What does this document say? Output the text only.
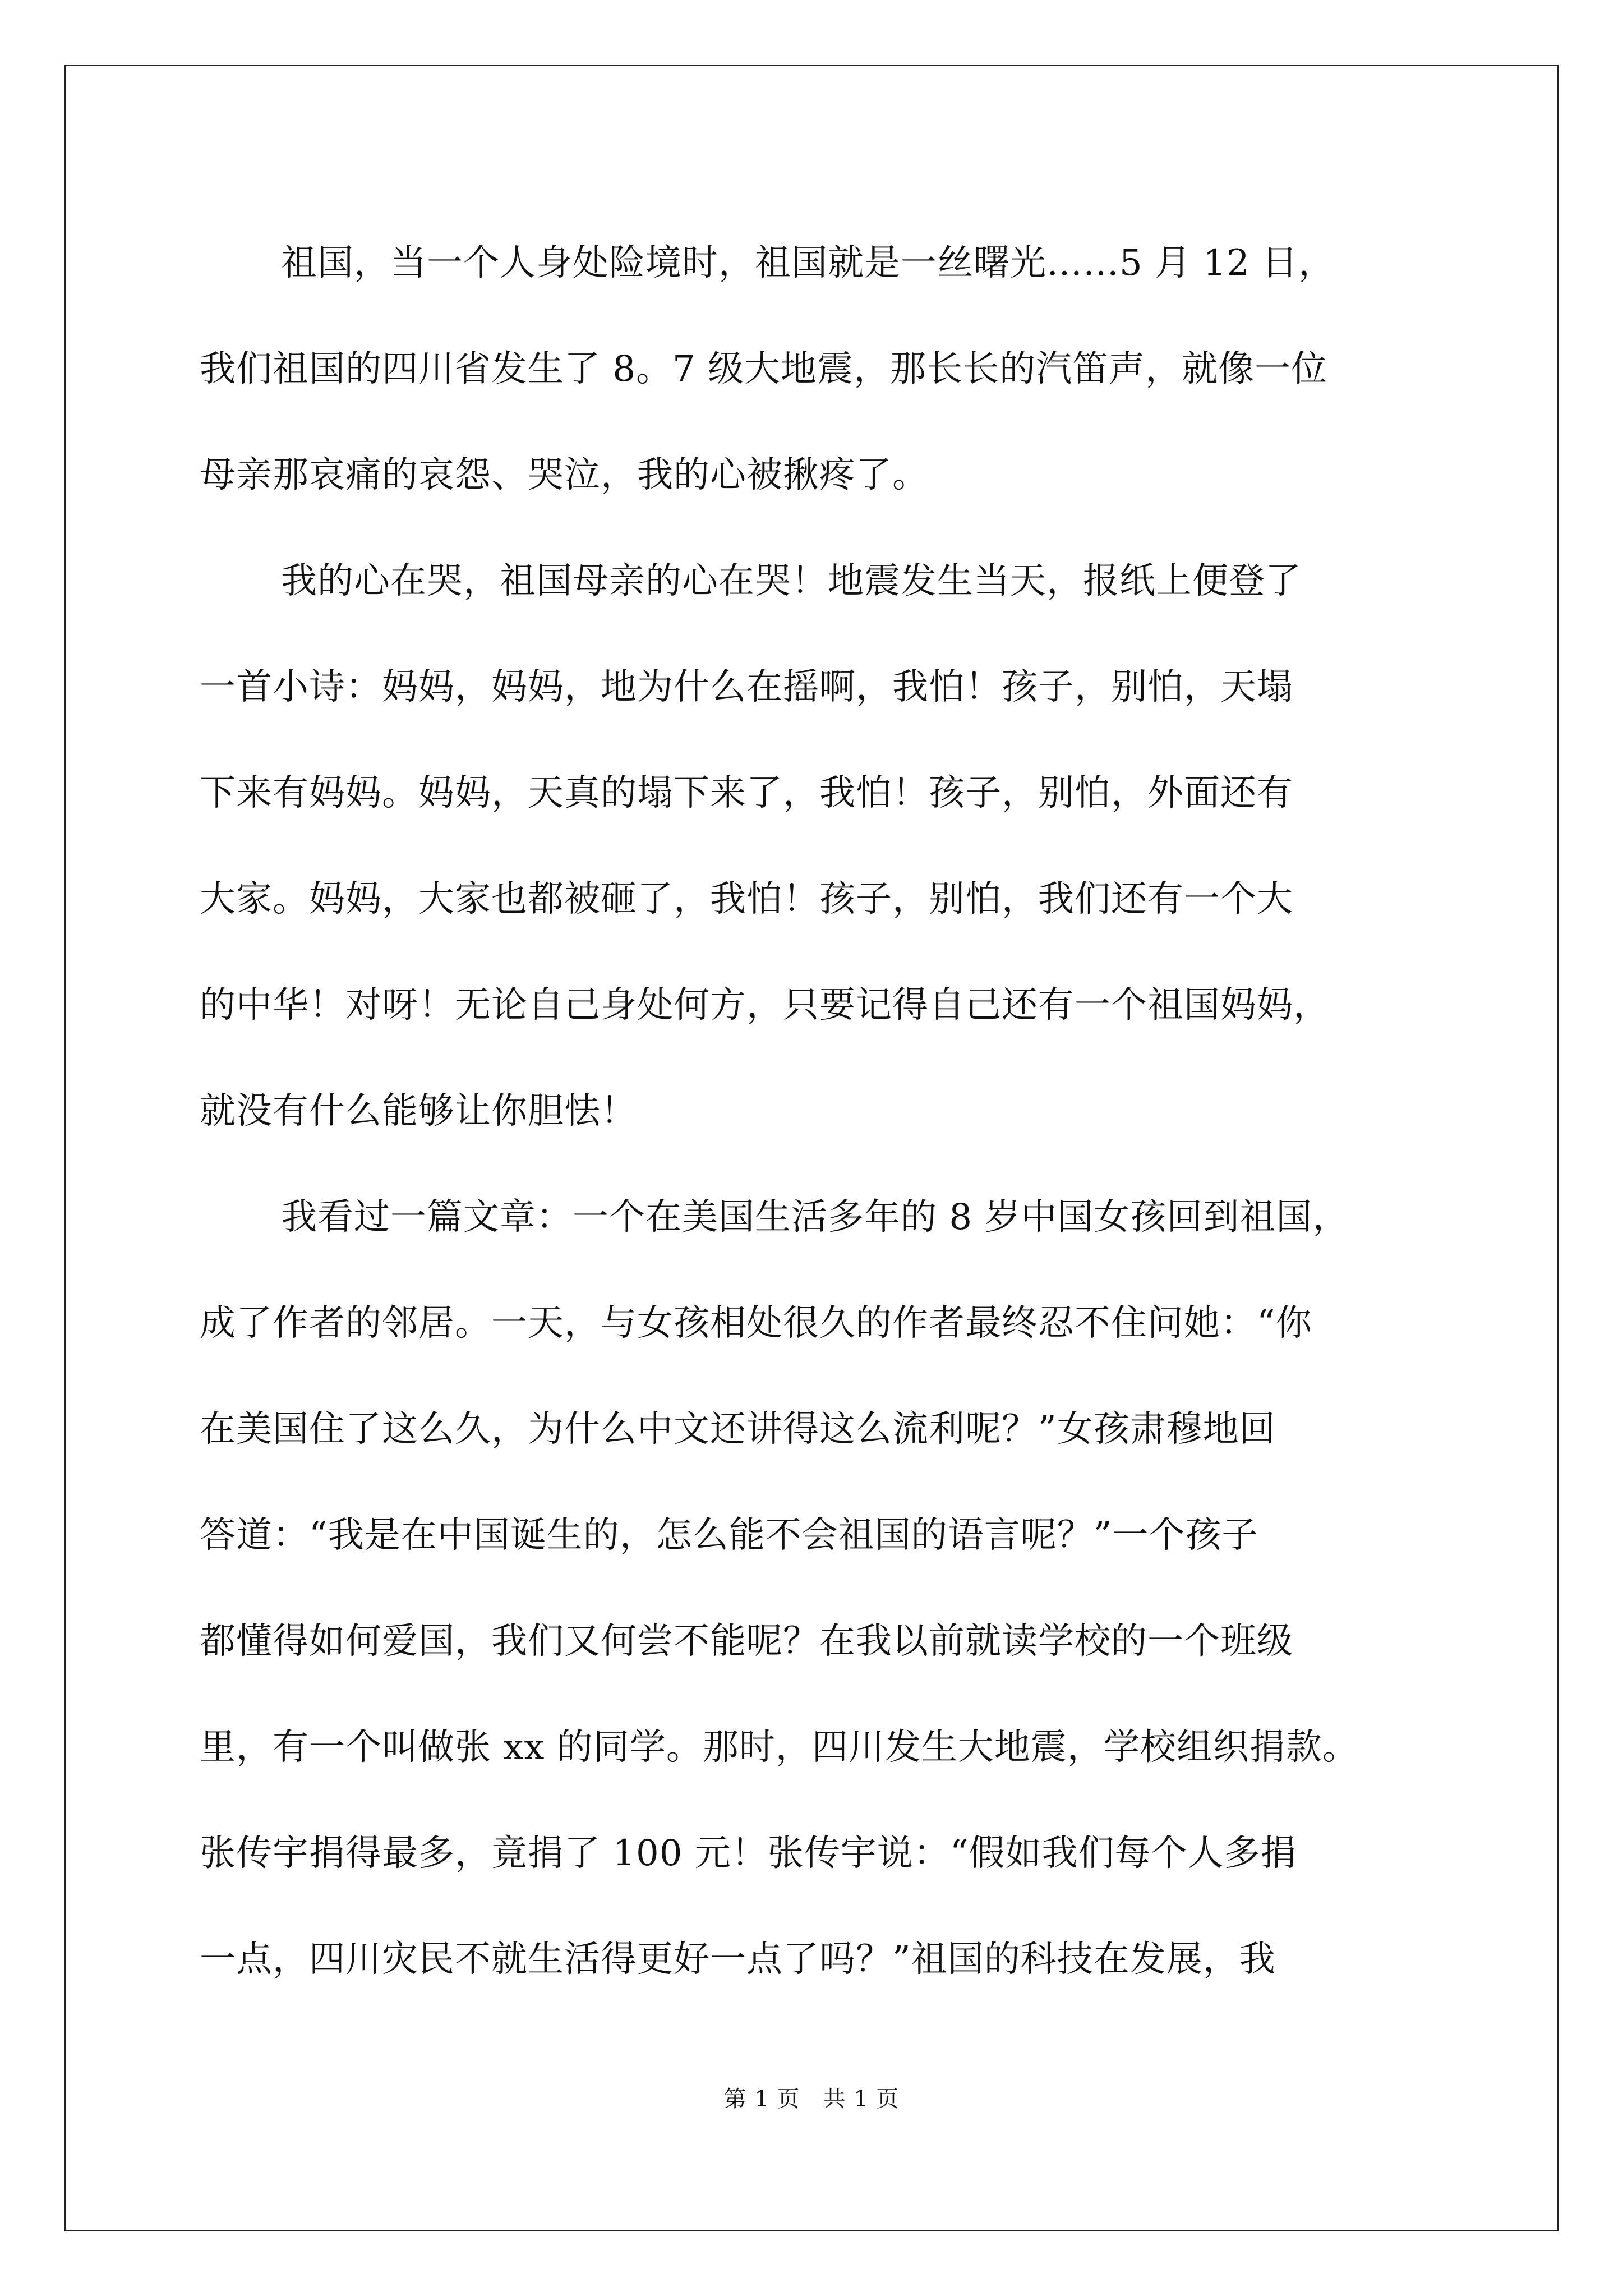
祖国，当一个人身处险境时，祖国就是一丝曙光……5 月 12 日，
我们祖国的四川省发生了 8。7 级大地震，那长长的汽笛声，就像一位
母亲那哀痛的哀怨、哭泣，我的心被揪疼了。
我的心在哭，祖国母亲的心在哭！地震发生当天，报纸上便登了
一首小诗：妈妈，妈妈，地为什么在摇啊，我怕！孩子，别怕，天塌
下来有妈妈。妈妈，天真的塌下来了，我怕！孩子，别怕，外面还有
大家。妈妈，大家也都被砸了，我怕！孩子，别怕，我们还有一个大
的中华！对呀！无论自己身处何方，只要记得自己还有一个祖国妈妈，
就没有什么能够让你胆怯！
我看过一篇文章：一个在美国生活多年的 8 岁中国女孩回到祖国，
成了作者的邻居。一天，与女孩相处很久的作者最终忍不住问她：“你
在美国住了这么久，为什么中文还讲得这么流利呢？”女孩肃穆地回
答道：“我是在中国诞生的，怎么能不会祖国的语言呢？”一个孩子
都懂得如何爱国，我们又何尝不能呢？在我以前就读学校的一个班级
里，有一个叫做张 xx 的同学。那时，四川发生大地震，学校组织捐款。
张传宇捐得最多，竟捐了 100 元！张传宇说：“假如我们每个人多捐
一点，四川灾民不就生活得更好一点了吗？”祖国的科技在发展，我
第 1 页　共 1 页
